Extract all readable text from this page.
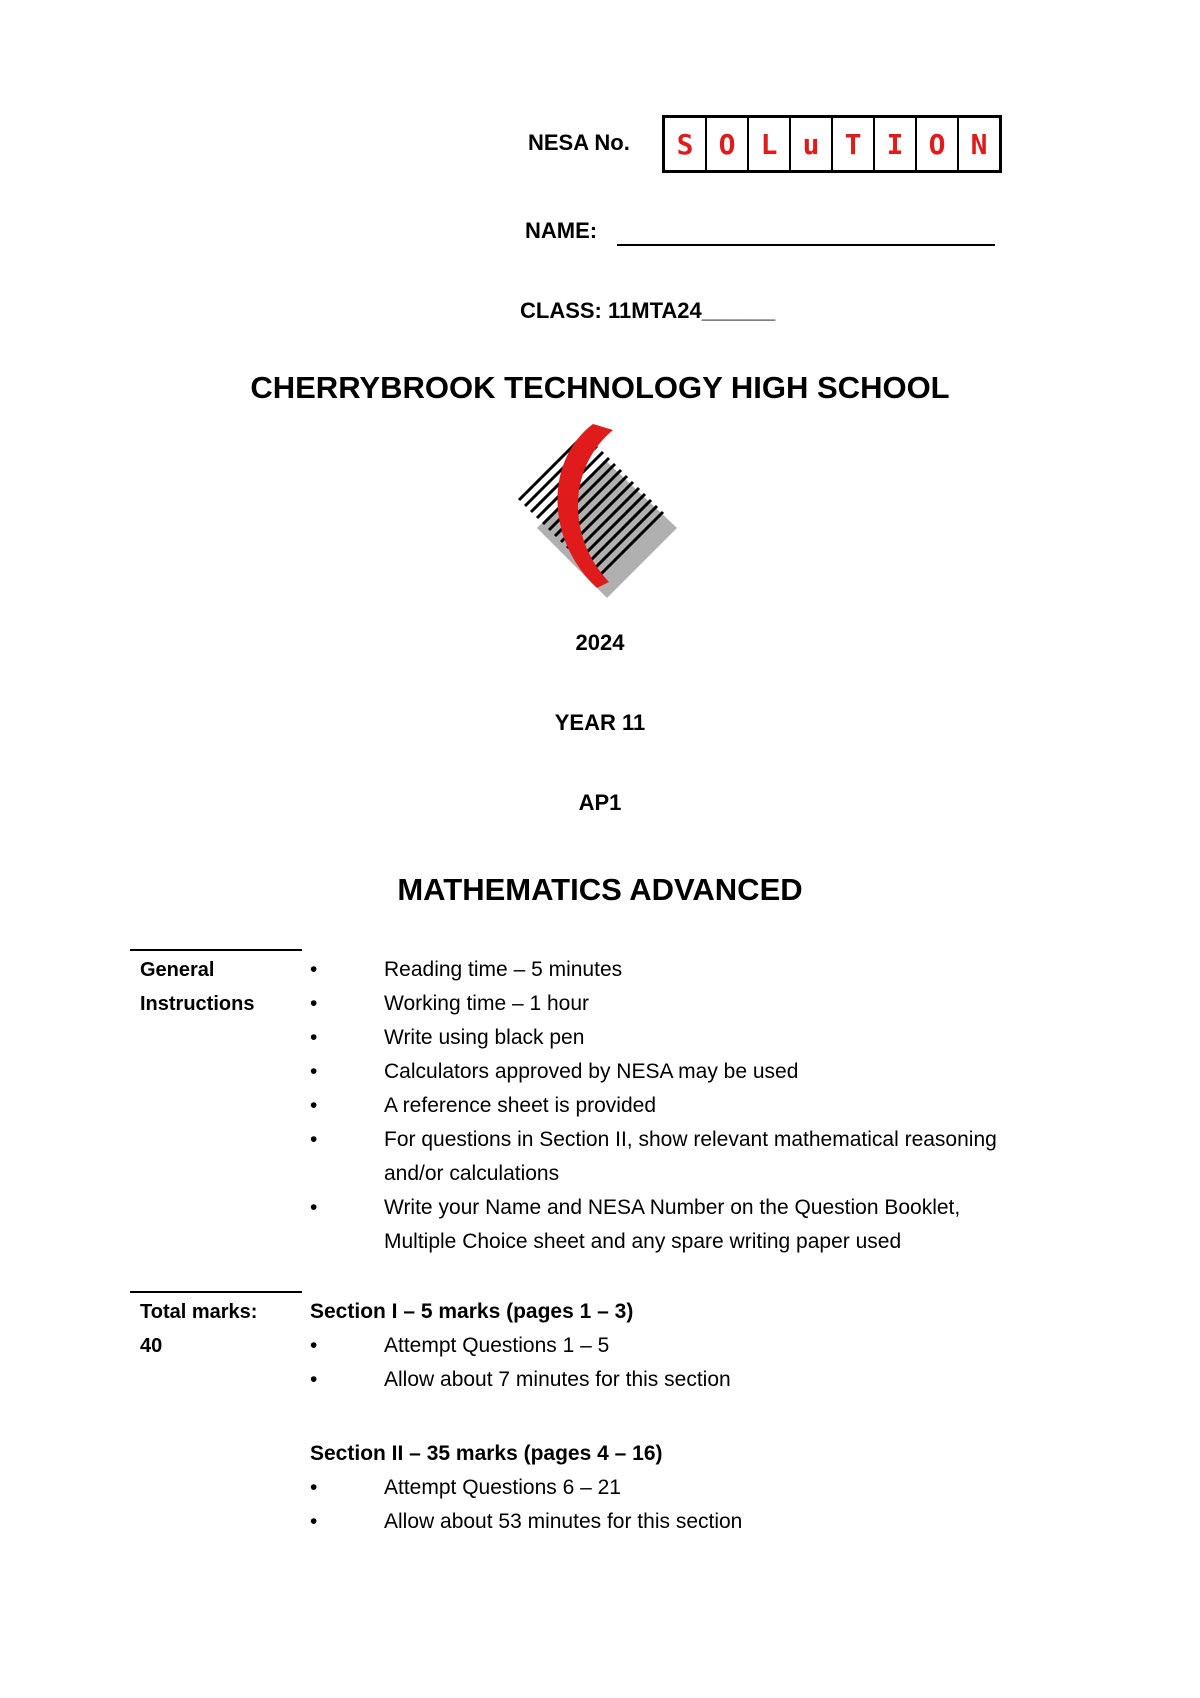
NESA No.	S O L u T I O N
NAME:
CLASS: 11MTA24______
CHERRYBROOK TECHNOLOGY HIGH SCHOOL
2024
YEAR 11
AP1
MATHEMATICS ADVANCED
General
Instructions
•	Reading time – 5 minutes
•	Working time – 1 hour
•	Write using black pen
•	Calculators approved by NESA may be used
•	A reference sheet is provided
•	For questions in Section II, show relevant mathematical reasoning
and/or calculations
•	Write your Name and NESA Number on the Question Booklet,
Multiple Choice sheet and any spare writing paper used
Total marks:
40
Section I – 5 marks (pages 1 – 3)
•	Attempt Questions 1 – 5
•	Allow about 7 minutes for this section
Section II – 35 marks (pages 4 – 16)
•	Attempt Questions 6 – 21
•	Allow about 53 minutes for this section
